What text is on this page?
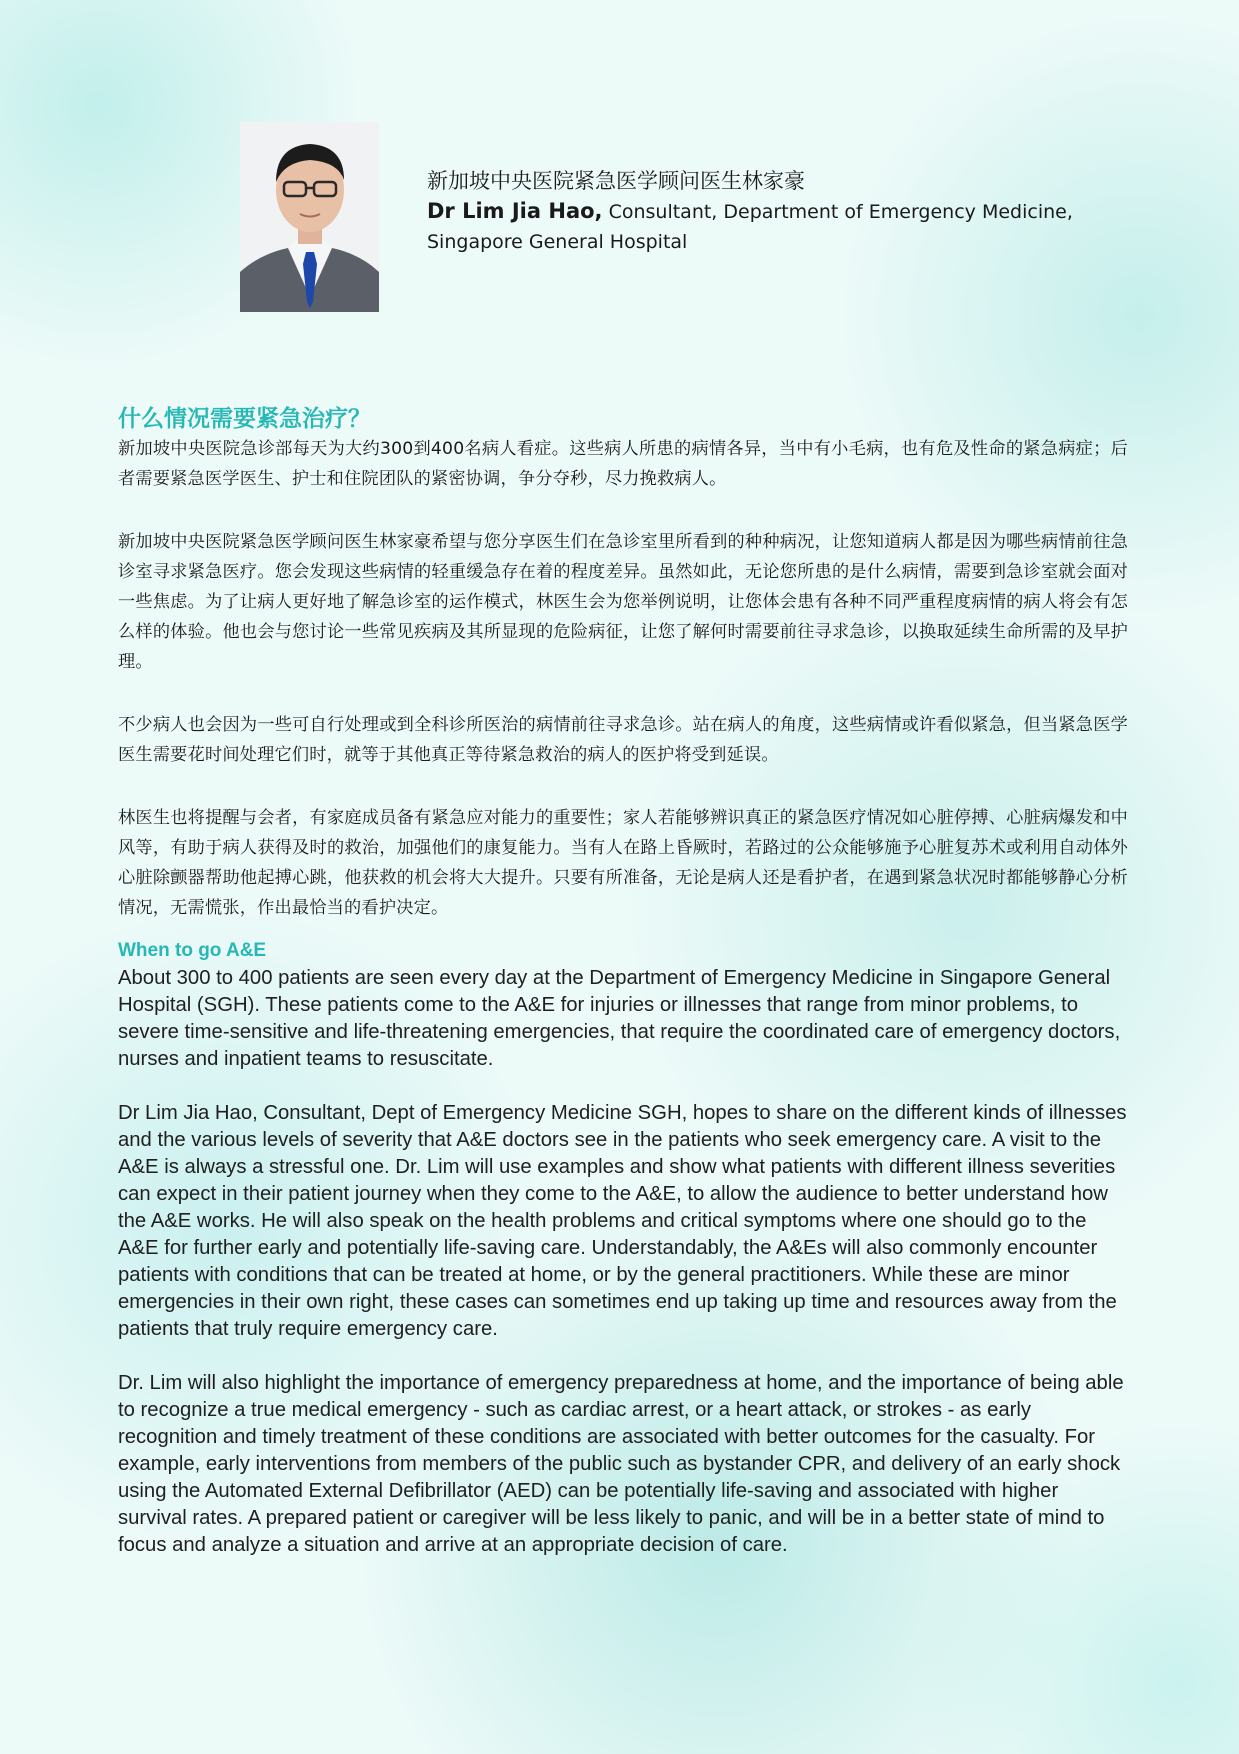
新加坡中央医院紧急医学顾问医生林家豪

Dr Lim Jia Hao, Consultant, Department of Emergency Medicine,

Singapore General Hospital

什么情况需要紧急治疗？

新加坡中央医院急诊部每天为大约300到400名病人看症。这些病人所患的病情各异，当中有小毛病，也有危及性命的紧急病症；后者需要紧急医学医生、护士和住院团队的紧密协调，争分夺秒，尽力挽救病人。

新加坡中央医院紧急医学顾问医生林家豪希望与您分享医生们在急诊室里所看到的种种病况，让您知道病人都是因为哪些病情前往急诊室寻求紧急医疗。您会发现这些病情的轻重缓急存在着的程度差异。虽然如此，无论您所患的是什么病情，需要到急诊室就会面对一些焦虑。为了让病人更好地了解急诊室的运作模式，林医生会为您举例说明，让您体会患有各种不同严重程度病情的病人将会有怎么样的体验。他也会与您讨论一些常见疾病及其所显现的危险病征，让您了解何时需要前往寻求急诊，以换取延续生命所需的及早护理。

不少病人也会因为一些可自行处理或到全科诊所医治的病情前往寻求急诊。站在病人的角度，这些病情或许看似紧急，但当紧急医学医生需要花时间处理它们时，就等于其他真正等待紧急救治的病人的医护将受到延误。

林医生也将提醒与会者，有家庭成员备有紧急应对能力的重要性；家人若能够辨识真正的紧急医疗情况如心脏停搏、心脏病爆发和中风等，有助于病人获得及时的救治，加强他们的康复能力。当有人在路上昏厥时，若路过的公众能够施予心脏复苏术或利用自动体外心脏除颤器帮助他起搏心跳，他获救的机会将大大提升。只要有所准备，无论是病人还是看护者，在遇到紧急状况时都能够静心分析情况，无需慌张，作出最恰当的看护决定。

When to go A&E

About 300 to 400 patients are seen every day at the Department of Emergency Medicine in Singapore General Hospital (SGH). These patients come to the A&E for injuries or illnesses that range from minor problems, to severe time-sensitive and life-threatening emergencies, that require the coordinated care of emergency doctors, nurses and inpatient teams to resuscitate.

Dr Lim Jia Hao, Consultant, Dept of Emergency Medicine SGH, hopes to share on the different kinds of illnesses and the various levels of severity that A&E doctors see in the patients who seek emergency care. A visit to the A&E is always a stressful one. Dr. Lim will use examples and show what patients with different illness severities can expect in their patient journey when they come to the A&E, to allow the audience to better understand how the A&E works. He will also speak on the health problems and critical symptoms where one should go to the A&E for further early and potentially life-saving care. Understandably, the A&Es will also commonly encounter patients with conditions that can be treated at home, or by the general practitioners. While these are minor emergencies in their own right, these cases can sometimes end up taking up time and resources away from the patients that truly require emergency care.

Dr. Lim will also highlight the importance of emergency preparedness at home, and the importance of being able to recognize a true medical emergency - such as cardiac arrest, or a heart attack, or strokes - as early recognition and timely treatment of these conditions are associated with better outcomes for the casualty. For example, early interventions from members of the public such as bystander CPR, and delivery of an early shock using the Automated External Defibrillator (AED) can be potentially life-saving and associated with higher survival rates. A prepared patient or caregiver will be less likely to panic, and will be in a better state of mind to focus and analyze a situation and arrive at an appropriate decision of care.
